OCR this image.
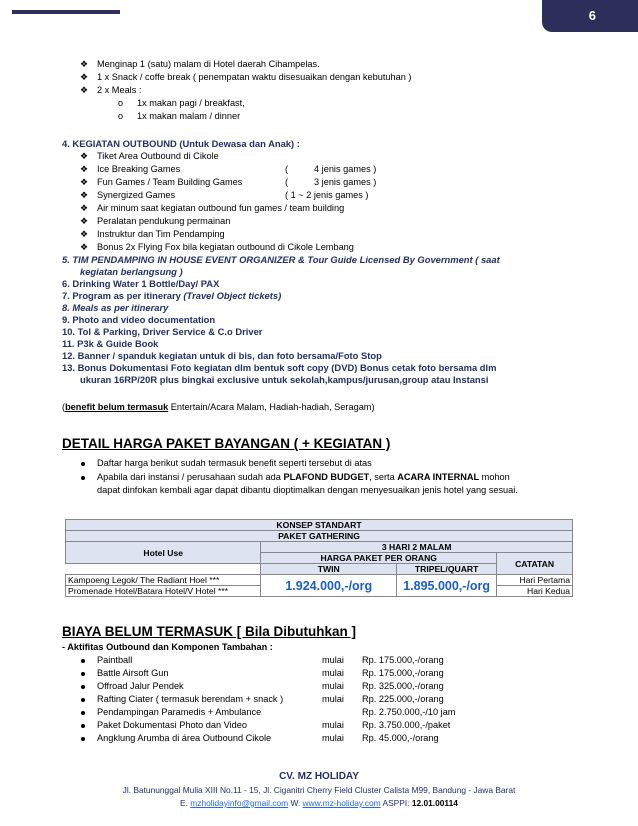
6
❖ Menginap 1 (satu) malam di Hotel daerah Cihampelas.
❖ 1 x Snack / coffe break ( penempatan waktu disesuaikan dengan kebutuhan )
❖ 2 x Meals :
o 1x makan pagi / breakfast,
o 1x makan malam / dinner
4. KEGIATAN OUTBOUND (Untuk Dewasa dan Anak) :
❖ Tiket Area Outbound di Cikole
❖ Ice Breaking Games	(	4 jenis games )
❖ Fun Games / Team Building Games	(	3 jenis games )
❖ Synergized Games	( 1 ~ 2 jenis games )
❖ Air minum saat kegiatan outbound fun games / team building
❖ Peralatan pendukung permainan
❖ Instruktur dan Tim Pendamping
❖ Bonus 2x Flying Fox bila kegiatan outbound di Cikole Lembang
5. TIM PENDAMPING IN HOUSE EVENT ORGANIZER & Tour Guide Licensed By Government ( saat
kegiatan berlangsung )
6. Drinking Water 1 Bottle/Day/ PAX
7. Program as per itinerary (Travel Object tickets)
8. Meals as per itinerary
9. Photo and video documentation
10. Tol & Parking, Driver Service & C.o Driver
11. P3k & Guide Book
12. Banner / spanduk kegiatan untuk di bis, dan foto bersama/Foto Stop
13. Bonus Dokumentasi Foto kegiatan dlm bentuk soft copy (DVD) Bonus cetak foto bersama dlm
ukuran 16RP/20R plus bingkai exclusive untuk sekolah,kampus/jurusan,group atau Instansi
(benefit belum termasuk Entertain/Acara Malam, Hadiah-hadiah, Seragam)
DETAIL HARGA PAKET BAYANGAN ( + KEGIATAN )
Daftar harga berikut sudah termasuk benefit seperti tersebut di atas
Apabila dari instansi / perusahaan sudah ada PLAFOND BUDGET, serta ACARA INTERNAL mohon
dapat dinfokan kembali agar dapat dibantu dioptimalkan dengan menyesuaikan jenis hotel yang sesuai.
KONSEP STANDART			
PAKET GATHERING			
Hotel Use	3 HARI 2 MALAM		
	HARGA PAKET PER ORANG		CATATAN
	TWIN	TRIPEL/QUART	
Kampoeng Legok/ The Radiant Hoel ***	1.924.000,-/org	1.895.000,-/org	Hari Pertama
Promenade Hotel/Batara Hotel/V Hotel ***			Hari Kedua
BIAYA BELUM TERMASUK [ Bila Dibutuhkan ]
- Aktifitas Outbound dan Komponen Tambahan :
Paintball	mulai Rp. 175.000,-/orang
Battle Airsoft Gun	mulai Rp. 175.000,-/orang
Offroad Jalur Pendek	mulai Rp. 325.000,-/orang
Rafting Ciater ( termasuk berendam + snack )	mulai Rp. 225.000,-/orang
Pendampingan Paramedis + Ambulance	Rp. 2.750.000,-/10 jam
Paket Dokumentasi Photo dan Video	mulai Rp. 3.750.000,-/paket
Angklung Arumba di área Outbound Cikole	mulai Rp. 45.000,-/orang
CV. MZ HOLIDAY
Jl. Batununggal Mulia XIII No.11 - 15, Jl. Ciganitri Cherry Field Cluster Calista M99, Bandung - Jawa Barat
E. mzholidayinfo@gmail.com W. www.mz-holiday.com ASPPI: 12.01.00114
